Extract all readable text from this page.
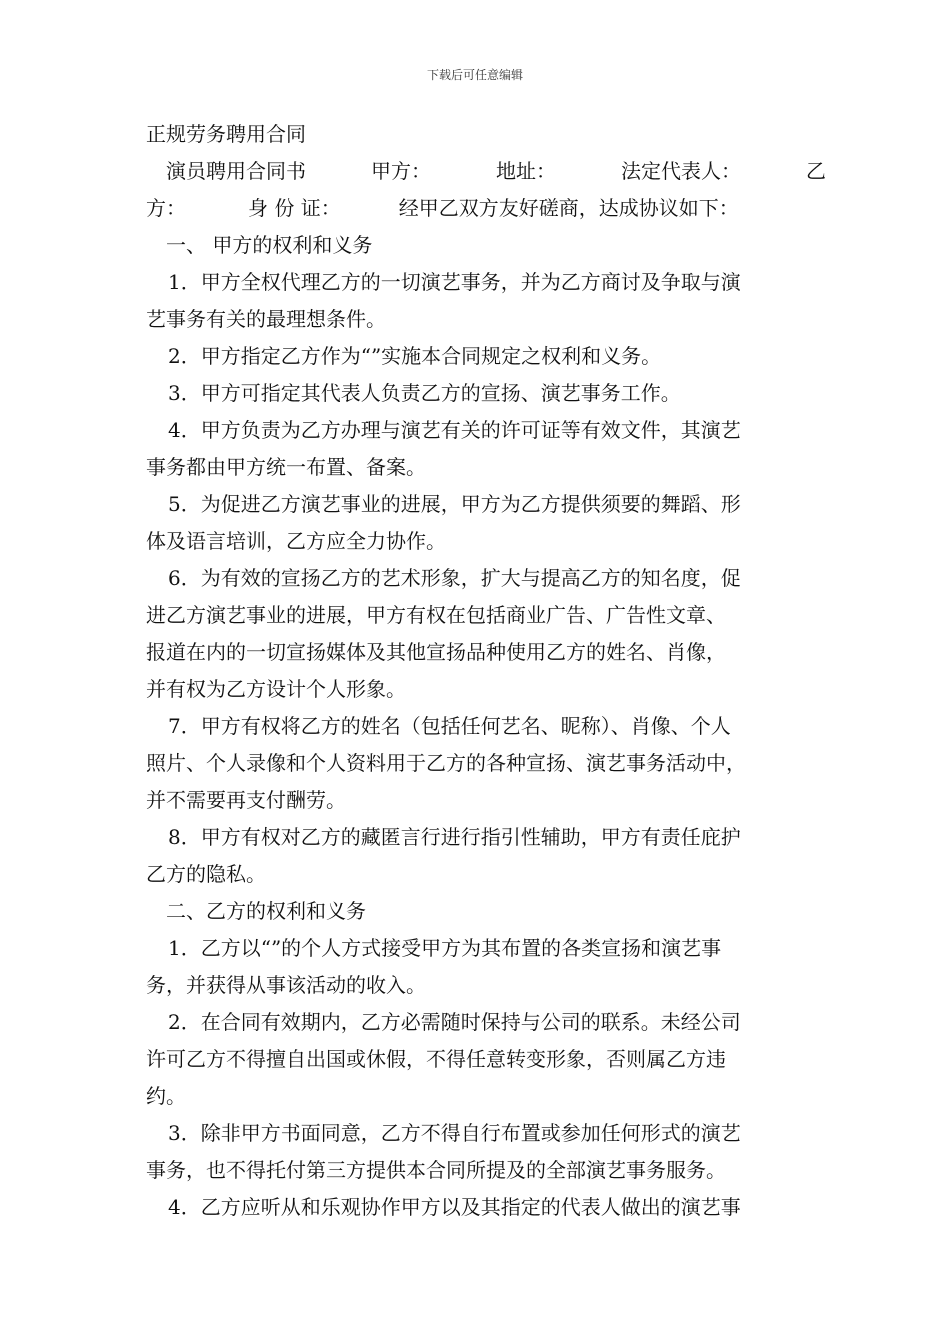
下载后可任意编辑
正规劳务聘用合同
演员聘用合同书	甲方：	地址：	法定代表人：	乙
方：	身 份 证：	经甲乙双方友好磋商，达成协议如下：
一、 甲方的权利和义务
1．甲方全权代理乙方的一切演艺事务，并为乙方商讨及争取与演
艺事务有关的最理想条件。
2．甲方指定乙方作为“”实施本合同规定之权利和义务。
3．甲方可指定其代表人负责乙方的宣扬、演艺事务工作。
4．甲方负责为乙方办理与演艺有关的许可证等有效文件，其演艺
事务都由甲方统一布置、备案。
5．为促进乙方演艺事业的进展，甲方为乙方提供须要的舞蹈、形
体及语言培训，乙方应全力协作。
6．为有效的宣扬乙方的艺术形象，扩大与提高乙方的知名度，促
进乙方演艺事业的进展，甲方有权在包括商业广告、广告性文章、
报道在内的一切宣扬媒体及其他宣扬品种使用乙方的姓名、肖像，
并有权为乙方设计个人形象。
7．甲方有权将乙方的姓名（包括任何艺名、昵称）、肖像、个人
照片、个人录像和个人资料用于乙方的各种宣扬、演艺事务活动中，
并不需要再支付酬劳。
8．甲方有权对乙方的藏匿言行进行指引性辅助，甲方有责任庇护
乙方的隐私。
二、乙方的权利和义务
1．乙方以“”的个人方式接受甲方为其布置的各类宣扬和演艺事
务，并获得从事该活动的收入。
2．在合同有效期内，乙方必需随时保持与公司的联系。未经公司
许可乙方不得擅自出国或休假，不得任意转变形象，否则属乙方违
约。
3．除非甲方书面同意，乙方不得自行布置或参加任何形式的演艺
事务，也不得托付第三方提供本合同所提及的全部演艺事务服务。
4．乙方应听从和乐观协作甲方以及其指定的代表人做出的演艺事
